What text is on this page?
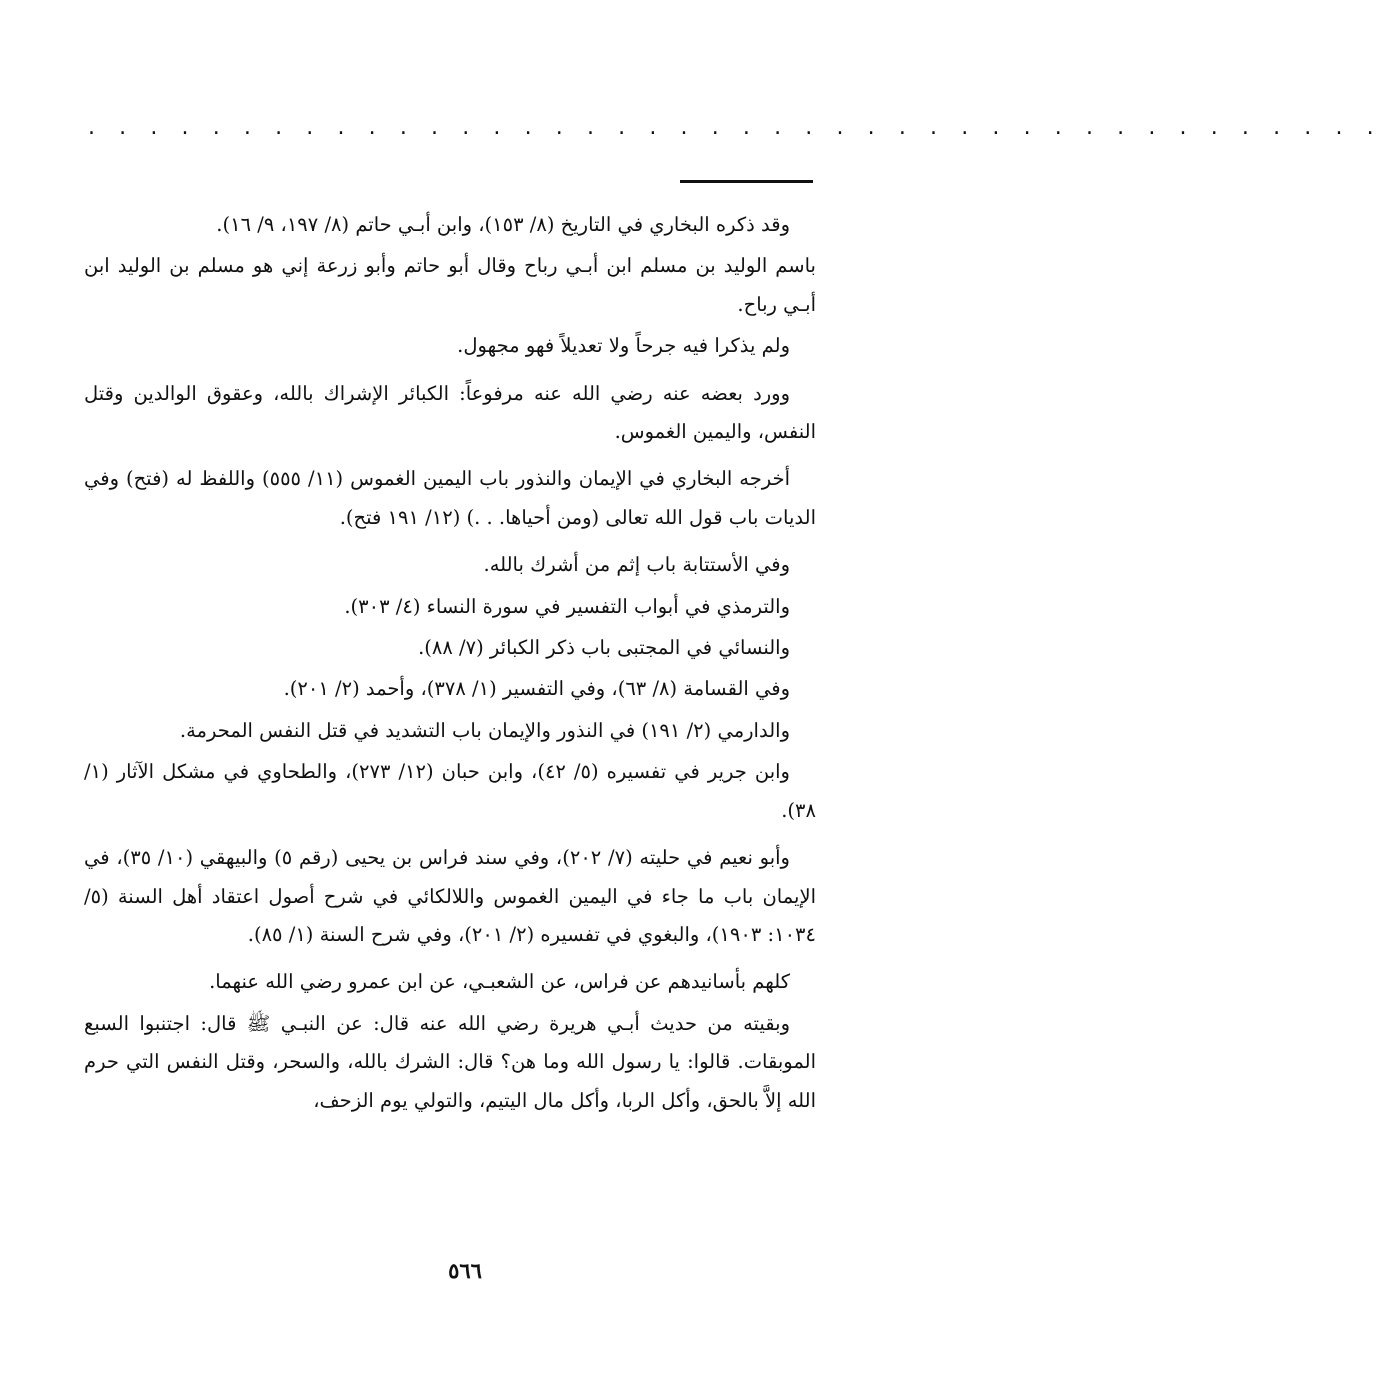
. . . . . . . . . . . . . . . . . . . . . . . . . . . . . . . . . . . . . . . . . .

وقد ذكره البخاري في التاريخ (٨/ ١٥٣)، وابن أبـي حاتم (٨/ ١٩٧، ٩/ ١٦).

باسم الوليد بن مسلم ابن أبـي رباح وقال أبو حاتم وأبو زرعة إني هو مسلم بن الوليد ابن أبـي رباح.

ولم يذكرا فيه جرحاً ولا تعديلاً فهو مجهول.

وورد بعضه عنه رضي الله عنه مرفوعاً: الكبائر الإشراك بالله، وعقوق الوالدين وقتل النفس، واليمين الغموس.

أخرجه البخاري في الإيمان والنذور باب اليمين الغموس (١١/ ٥٥٥) واللفظ له (فتح) وفي الديات باب قول الله تعالى (ومن أحياها. . .) (١٢/ ١٩١ فتح).

وفي الأستتابة باب إثم من أشرك بالله.

والترمذي في أبواب التفسير في سورة النساء (٤/ ٣٠٣).

والنسائي في المجتبى باب ذكر الكبائر (٧/ ٨٨).

وفي القسامة (٨/ ٦٣)، وفي التفسير (١/ ٣٧٨)، وأحمد (٢/ ٢٠١).

والدارمي (٢/ ١٩١) في النذور والإيمان باب التشديد في قتل النفس المحرمة.

وابن جرير في تفسيره (٥/ ٤٢)، وابن حبان (١٢/ ٢٧٣)، والطحاوي في مشكل الآثار (١/ ٣٨).

وأبو نعيم في حليته (٧/ ٢٠٢)، وفي سند فراس بن يحيى (رقم ٥) والبيهقي (١٠/ ٣٥)، في الإيمان باب ما جاء في اليمين الغموس واللالكائي في شرح أصول اعتقاد أهل السنة (٥/ ١٠٣٤: ١٩٠٣)، والبغوي في تفسيره (٢/ ٢٠١)، وفي شرح السنة (١/ ٨٥).

كلهم بأسانيدهم عن فراس، عن الشعبـي، عن ابن عمرو رضي الله عنهما.

وبقيته من حديث أبـي هريرة رضي الله عنه قال: عن النبـي ﷺ قال: اجتنبوا السبع الموبقات. قالوا: يا رسول الله وما هن؟ قال: الشرك بالله، والسحر، وقتل النفس التي حرم الله إلاَّ بالحق، وأكل الربا، وأكل مال اليتيم، والتولي يوم الزحف،

٥٦٦
